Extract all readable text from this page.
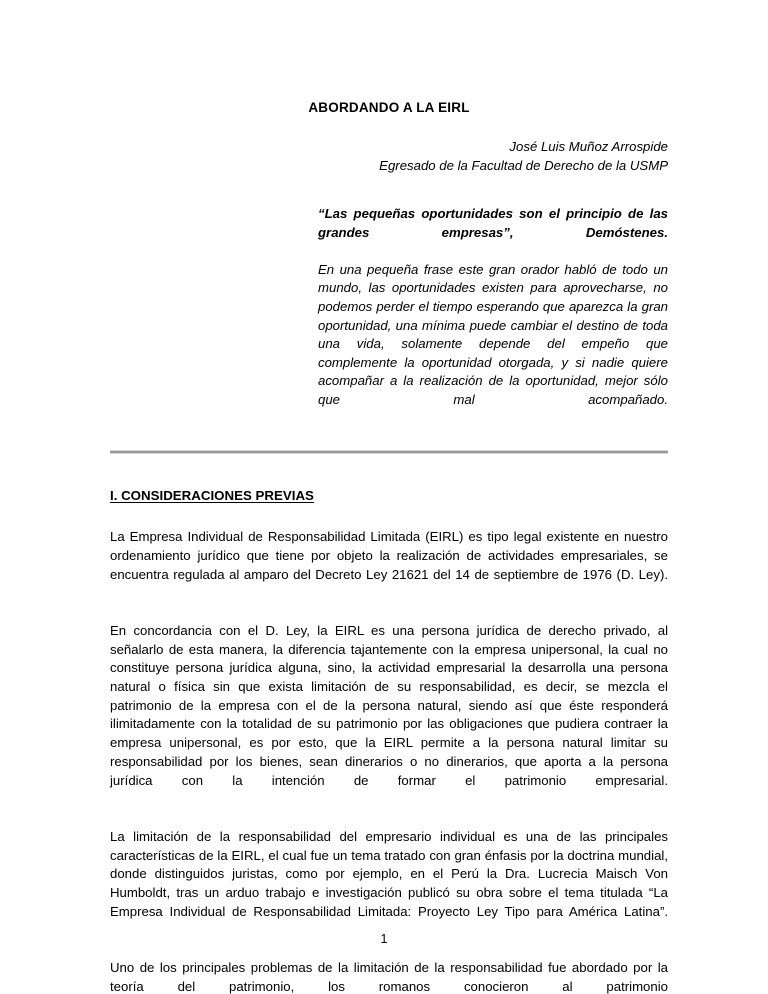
ABORDANDO A LA EIRL
José Luis Muñoz Arrospide
Egresado de la Facultad de Derecho de la USMP
“Las pequeñas oportunidades son el principio de las grandes empresas”, Demóstenes.
En una pequeña frase este gran orador habló de todo un mundo, las oportunidades existen para aprovecharse, no podemos perder el tiempo esperando que aparezca la gran oportunidad, una mínima puede cambiar el destino de toda una vida, solamente depende del empeño que complemente la oportunidad otorgada, y si nadie quiere acompañar a la realización de la oportunidad, mejor sólo que mal acompañado.
I. CONSIDERACIONES PREVIAS

La Empresa Individual de Responsabilidad Limitada (EIRL) es tipo legal existente en nuestro ordenamiento jurídico que tiene por objeto la realización de actividades empresariales, se encuentra regulada al amparo del Decreto Ley 21621 del 14 de septiembre de 1976 (D. Ley).

En concordancia con el D. Ley, la EIRL es una persona jurídica de derecho privado, al señalarlo de esta manera, la diferencia tajantemente con la empresa unipersonal, la cual no constituye persona jurídica alguna, sino, la actividad empresarial la desarrolla una persona natural o física sin que exista limitación de su responsabilidad, es decir, se mezcla el patrimonio de la empresa con el de la persona natural, siendo así que éste responderá ilimitadamente con la totalidad de su patrimonio por las obligaciones que pudiera contraer la empresa unipersonal, es por esto, que la EIRL permite a la persona natural limitar su responsabilidad por los bienes, sean dinerarios o no dinerarios, que aporta a la persona jurídica con la intención de formar el patrimonio empresarial.

La limitación de la responsabilidad del empresario individual es una de las principales características de la EIRL, el cual fue un tema tratado con gran énfasis por la doctrina mundial, donde distinguidos juristas, como por ejemplo, en el Perú la Dra. Lucrecia Maisch Von Humboldt, tras un arduo trabajo e investigación publicó su obra sobre el tema titulada “La Empresa Individual de Responsabilidad Limitada: Proyecto Ley Tipo para América Latina”.

Uno de los principales problemas de la limitación de la responsabilidad fue abordado por la teoría del patrimonio, los romanos conocieron al patrimonio

1
